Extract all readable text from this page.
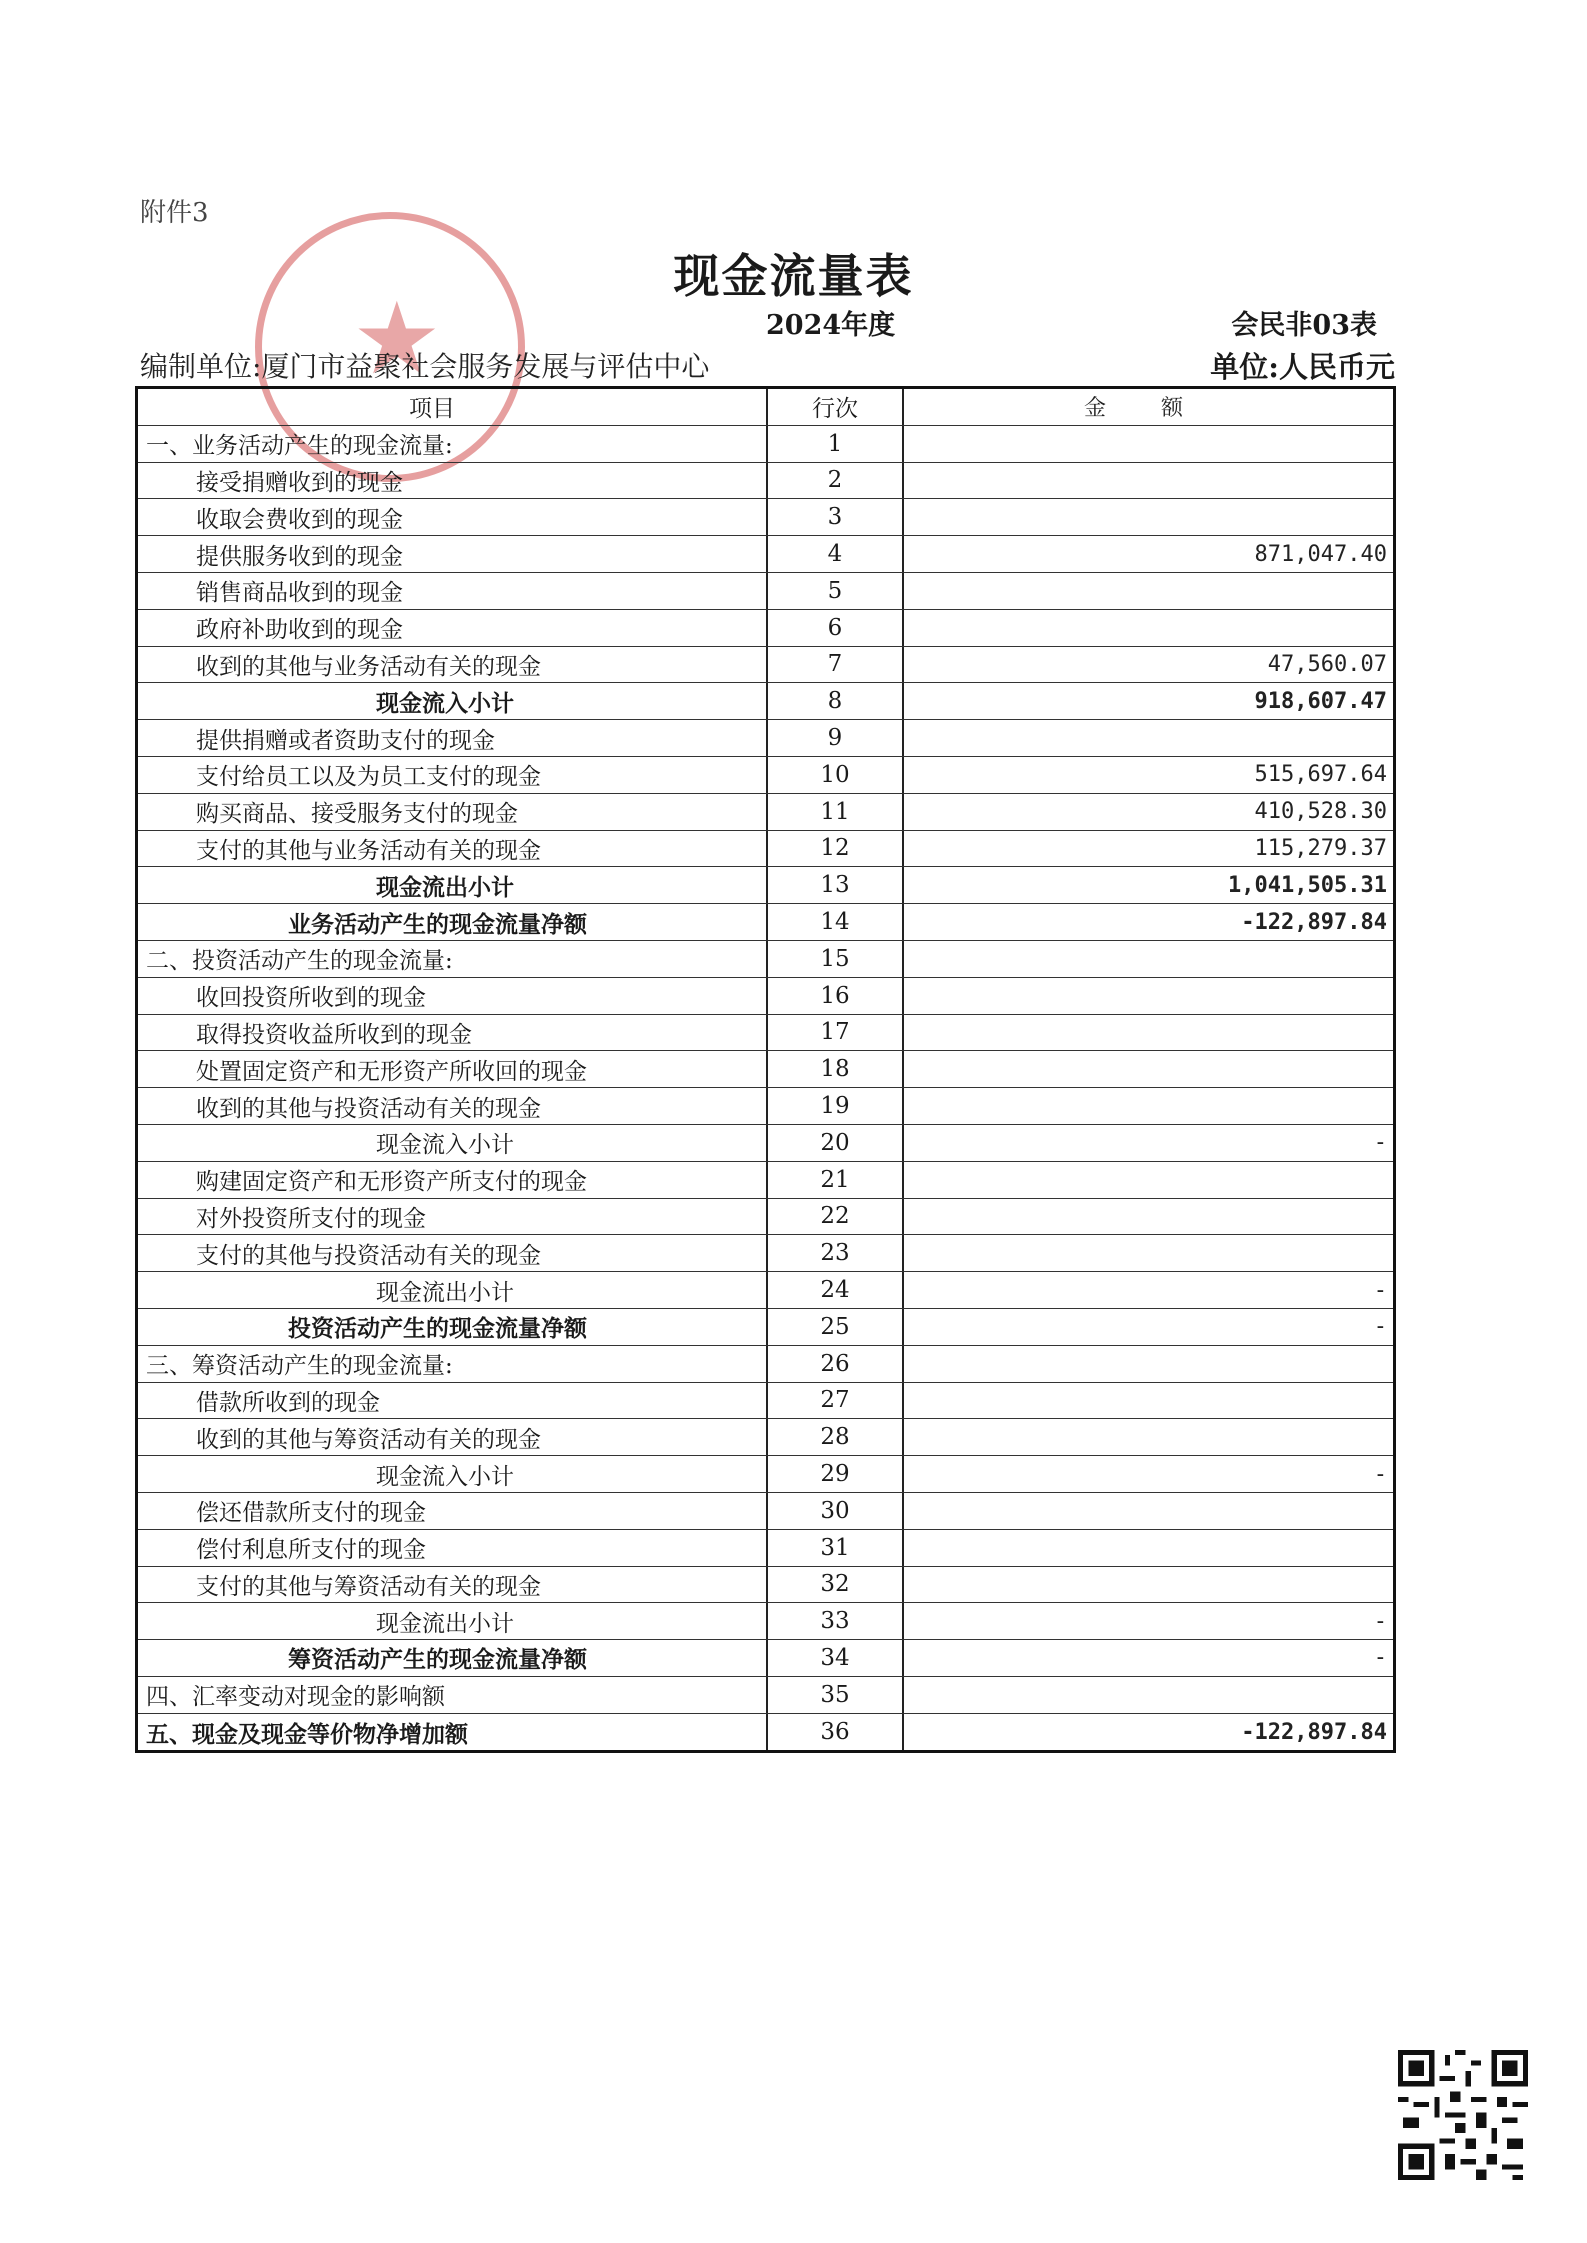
附件3
★
现金流量表
2024年度	会民非03表
编制单位:厦门市益聚社会服务发展与评估中心	单位:人民币元
项目	行次	金 额
一、业务活动产生的现金流量:	1
接受捐赠收到的现金	2
收取会费收到的现金	3
提供服务收到的现金	4	871,047.40
销售商品收到的现金	5
政府补助收到的现金	6
收到的其他与业务活动有关的现金	7	47,560.07
现金流入小计	8	918,607.47
提供捐赠或者资助支付的现金	9
支付给员工以及为员工支付的现金	10	515,697.64
购买商品、接受服务支付的现金	11	410,528.30
支付的其他与业务活动有关的现金	12	115,279.37
现金流出小计	13	1,041,505.31
业务活动产生的现金流量净额	14	-122,897.84
二、投资活动产生的现金流量:	15
收回投资所收到的现金	16
取得投资收益所收到的现金	17
处置固定资产和无形资产所收回的现金	18
收到的其他与投资活动有关的现金	19
现金流入小计	20	-
购建固定资产和无形资产所支付的现金	21
对外投资所支付的现金	22
支付的其他与投资活动有关的现金	23
现金流出小计	24	-
投资活动产生的现金流量净额	25	-
三、筹资活动产生的现金流量:	26
借款所收到的现金	27
收到的其他与筹资活动有关的现金	28
现金流入小计	29	-
偿还借款所支付的现金	30
偿付利息所支付的现金	31
支付的其他与筹资活动有关的现金	32
现金流出小计	33	-
筹资活动产生的现金流量净额	34	-
四、汇率变动对现金的影响额	35
五、现金及现金等价物净增加额	36	-122,897.84
